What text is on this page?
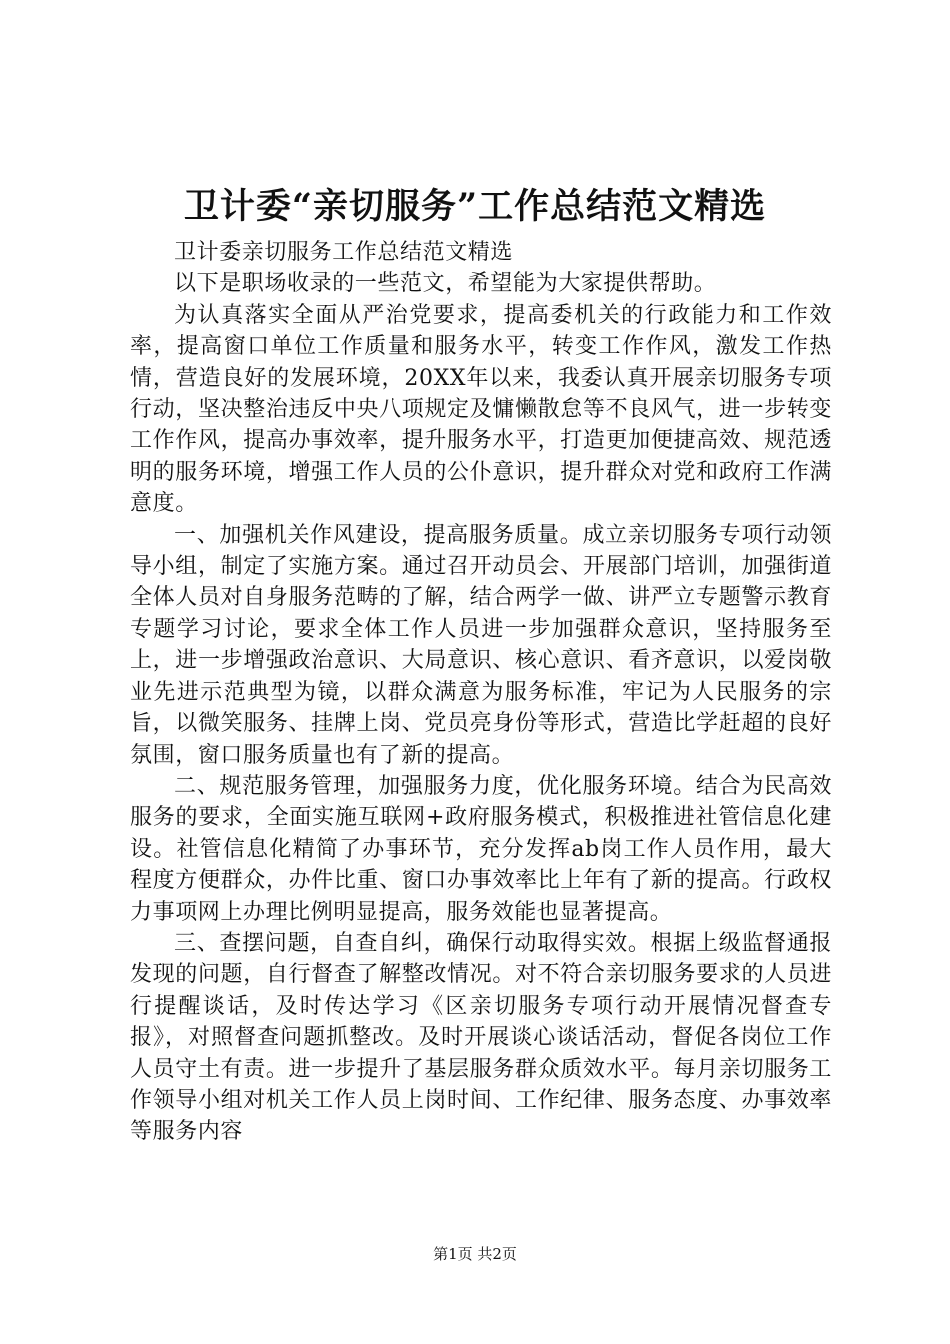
卫计委“亲切服务”工作总结范文精选

卫计委亲切服务工作总结范文精选

以下是职场收录的一些范文，希望能为大家提供帮助。

为认真落实全面从严治党要求，提高委机关的行政能力和工作效率，提高窗口单位工作质量和服务水平，转变工作作风，激发工作热情，营造良好的发展环境，20XX年以来，我委认真开展亲切服务专项行动，坚决整治违反中央八项规定及慵懒散怠等不良风气，进一步转变工作作风，提高办事效率，提升服务水平，打造更加便捷高效、规范透明的服务环境，增强工作人员的公仆意识，提升群众对党和政府工作满意度。

一、加强机关作风建设，提高服务质量。成立亲切服务专项行动领导小组，制定了实施方案。通过召开动员会、开展部门培训，加强街道全体人员对自身服务范畴的了解，结合两学一做、讲严立专题警示教育专题学习讨论，要求全体工作人员进一步加强群众意识，坚持服务至上，进一步增强政治意识、大局意识、核心意识、看齐意识，以爱岗敬业先进示范典型为镜，以群众满意为服务标准，牢记为人民服务的宗旨，以微笑服务、挂牌上岗、党员亮身份等形式，营造比学赶超的良好氛围，窗口服务质量也有了新的提高。

二、规范服务管理，加强服务力度，优化服务环境。结合为民高效服务的要求，全面实施互联网+政府服务模式，积极推进社管信息化建设。社管信息化精简了办事环节，充分发挥ab岗工作人员作用，最大程度方便群众，办件比重、窗口办事效率比上年有了新的提高。行政权力事项网上办理比例明显提高，服务效能也显著提高。

三、查摆问题，自查自纠，确保行动取得实效。根据上级监督通报发现的问题，自行督查了解整改情况。对不符合亲切服务要求的人员进行提醒谈话，及时传达学习《区亲切服务专项行动开展情况督查专报》，对照督查问题抓整改。及时开展谈心谈话活动，督促各岗位工作人员守土有责。进一步提升了基层服务群众质效水平。每月亲切服务工作领导小组对机关工作人员上岗时间、工作纪律、服务态度、办事效率等服务内容

第1页 共2页
